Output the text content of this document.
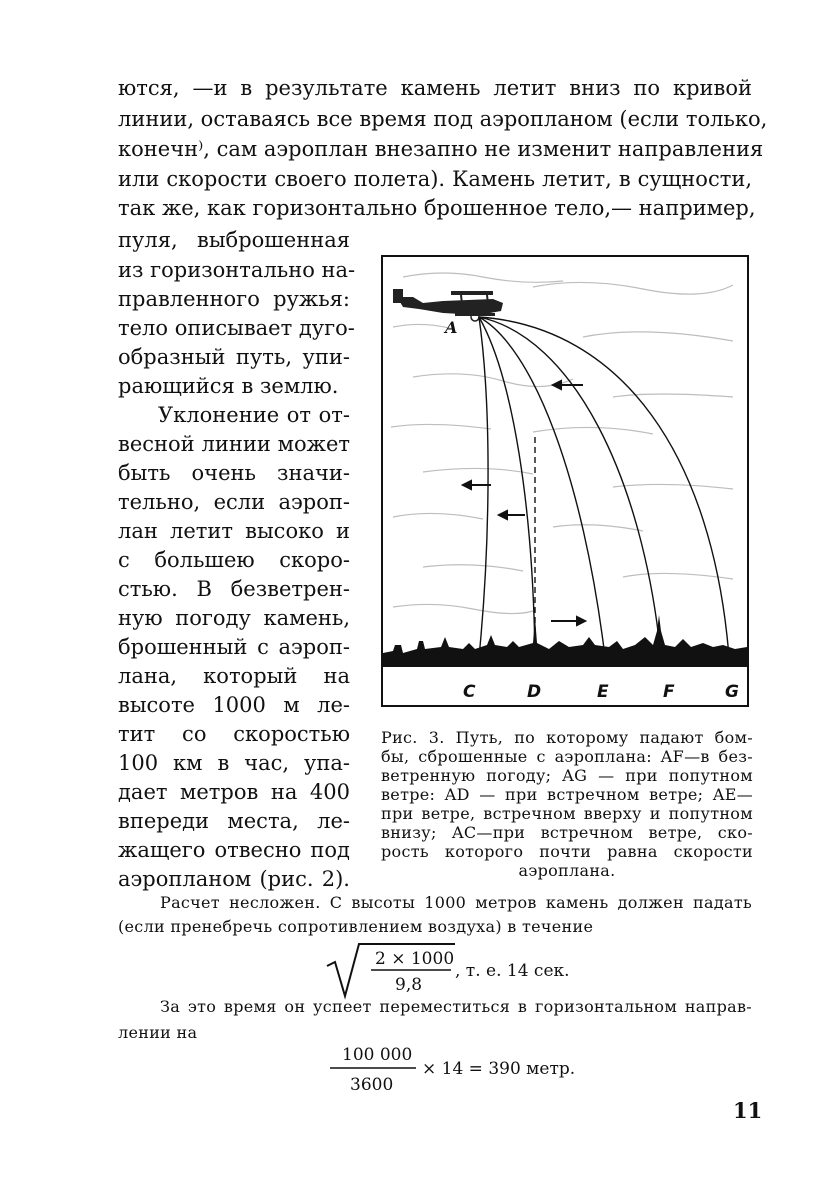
ются, —и в результате камень летит вниз по кривой
линии, оставаясь все время под аэропланом (если только,
конечн⁾, сам аэроплан внезапно не изменит направления
или скорости своего полета). Камень летит, в сущности,
так же, как горизонтально брошенное тело,— например,
пуля, выброшенная
из горизонтально на-
правленного ружья:
тело описывает дуго-
образный путь, упи-
рающийся в землю.
Уклонение от от-
весной линии может
быть очень значи-
тельно, если аэроп-
лан летит высоко и
с большею скоро-
стью. В безветрен-
ную погоду камень,
брошенный с аэроп-
лана, который на
высоте 1000 м ле-
тит со скоростью
100 км в час, упа-
дает метров на 400
впереди места, ле-
жащего отвесно под
аэропланом (рис. 2).
A
C	D	E	F	G
Рис. 3. Путь, по которому падают бом-
бы, сброшенные с аэроплана: AF—в без-
ветренную погоду; AG — при попутном
ветре: AD — при встречном ветре; AE—
при ветре, встречном вверху и попутном
внизу; AC—при встречном ветре, ско-
рость которого почти равна скорости
аэроплана.
Расчет несложен. С высоты 1000 метров камень должен падать
(если пренебречь сопротивлением воздуха) в течение
2 × 1000
9,8
, т. е. 14 сек.
За это время он успеет переместиться в горизонтальном направ-
лении на
100 000
3600
× 14 = 390 метр.
11
